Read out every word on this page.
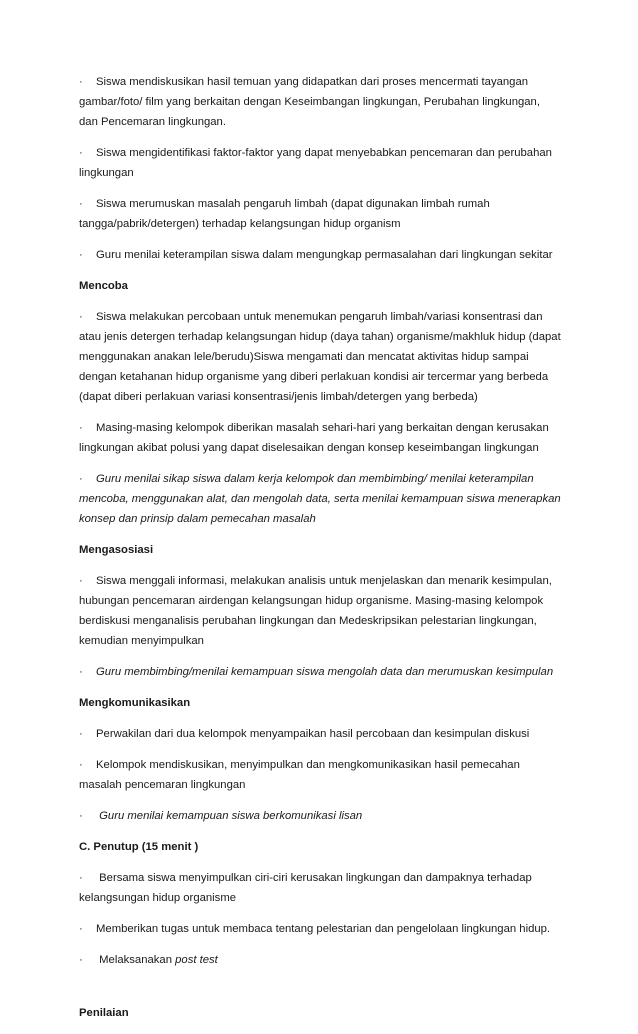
· Siswa mendiskusikan hasil temuan yang didapatkan dari proses mencermati tayangan gambar/foto/ film yang berkaitan dengan Keseimbangan lingkungan, Perubahan lingkungan, dan Pencemaran lingkungan.

· Siswa mengidentifikasi faktor-faktor yang dapat menyebabkan pencemaran dan perubahan lingkungan

· Siswa merumuskan masalah pengaruh limbah (dapat digunakan limbah rumah tangga/pabrik/detergen) terhadap kelangsungan hidup organism

· Guru menilai keterampilan siswa dalam mengungkap permasalahan dari lingkungan sekitar

Mencoba

· Siswa melakukan percobaan untuk menemukan pengaruh limbah/variasi konsentrasi dan atau jenis detergen terhadap kelangsungan hidup (daya tahan) organisme/makhluk hidup (dapat menggunakan anakan lele/berudu)Siswa mengamati dan mencatat aktivitas hidup sampai dengan ketahanan hidup organisme yang diberi perlakuan kondisi air tercermar yang berbeda (dapat diberi perlakuan variasi konsentrasi/jenis limbah/detergen yang berbeda)

· Masing-masing kelompok diberikan masalah sehari-hari yang berkaitan dengan kerusakan lingkungan akibat polusi yang dapat diselesaikan dengan konsep keseimbangan lingkungan

· Guru menilai sikap siswa dalam kerja kelompok dan membimbing/ menilai keterampilan mencoba, menggunakan alat, dan mengolah data, serta menilai kemampuan siswa menerapkan konsep dan prinsip dalam pemecahan masalah

Mengasosiasi

· Siswa menggali informasi, melakukan analisis untuk menjelaskan dan menarik kesimpulan, hubungan pencemaran airdengan kelangsungan hidup organisme. Masing-masing kelompok berdiskusi menganalisis perubahan lingkungan dan Medeskripsikan pelestarian lingkungan, kemudian menyimpulkan

· Guru membimbing/menilai kemampuan siswa mengolah data dan merumuskan kesimpulan

Mengkomunikasikan

· Perwakilan dari dua kelompok menyampaikan hasil percobaan dan kesimpulan diskusi

· Kelompok mendiskusikan, menyimpulkan dan mengkomunikasikan hasil pemecahan masalah pencemaran lingkungan

· Guru menilai kemampuan siswa berkomunikasi lisan

C. Penutup (15 menit )

· Bersama siswa menyimpulkan ciri-ciri kerusakan lingkungan dan dampaknya terhadap kelangsungan hidup organisme

· Memberikan tugas untuk membaca tentang pelestarian dan pengelolaan lingkungan hidup.

· Melaksanakan post test

Penilaian
